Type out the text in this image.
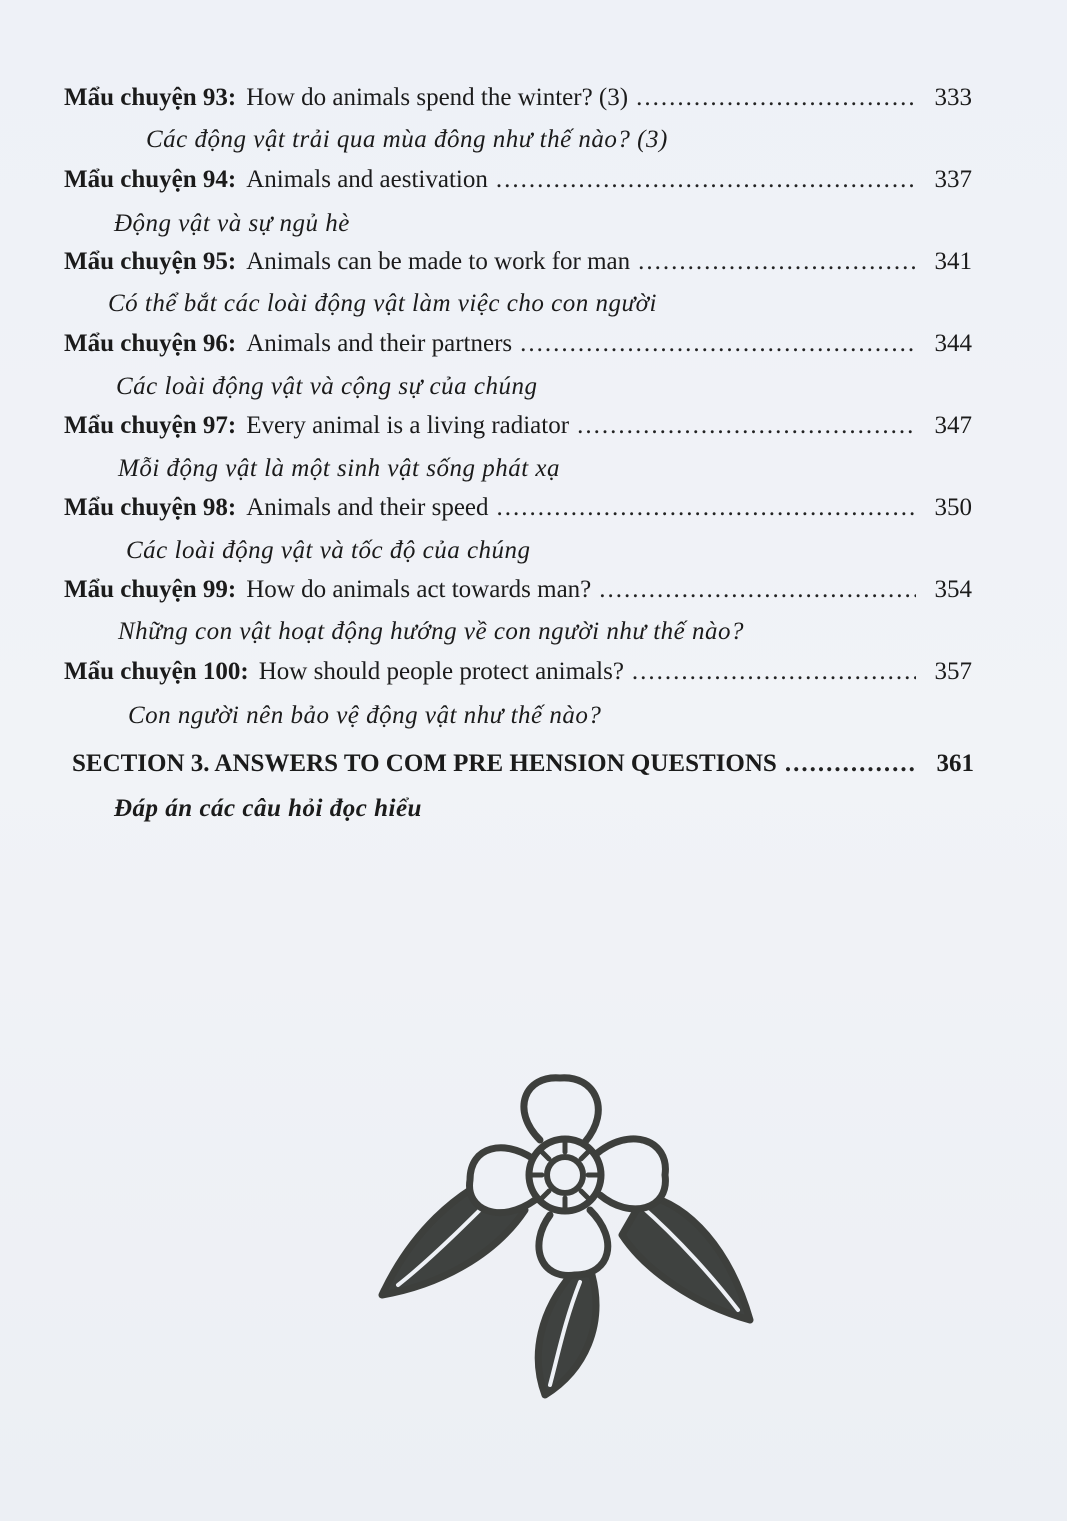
Mẩu chuyện 93: How do animals spend the winter? (3) .....	333
Các động vật trải qua mùa đông như thế nào? (3)
Mẩu chuyện 94: Animals and aestivation .....	337
Động vật và sự ngủ hè
Mẩu chuyện 95: Animals can be made to work for man .....	341
Có thể bắt các loài động vật làm việc cho con người
Mẩu chuyện 96: Animals and their partners .....	344
Các loài động vật và cộng sự của chúng
Mẩu chuyện 97: Every animal is a living radiator .....	347
Mỗi động vật là một sinh vật sống phát xạ
Mẩu chuyện 98: Animals and their speed .....	350
Các loài động vật và tốc độ của chúng
Mẩu chuyện 99: How do animals act towards man? .....	354
Những con vật hoạt động hướng về con người như thế nào?
Mẩu chuyện 100: How should people protect animals? .....	357
Con người nên bảo vệ động vật như thế nào?
SECTION 3. ANSWERS TO COM PRE HENSION QUESTIONS .....	361
Đáp án các câu hỏi đọc hiểu
